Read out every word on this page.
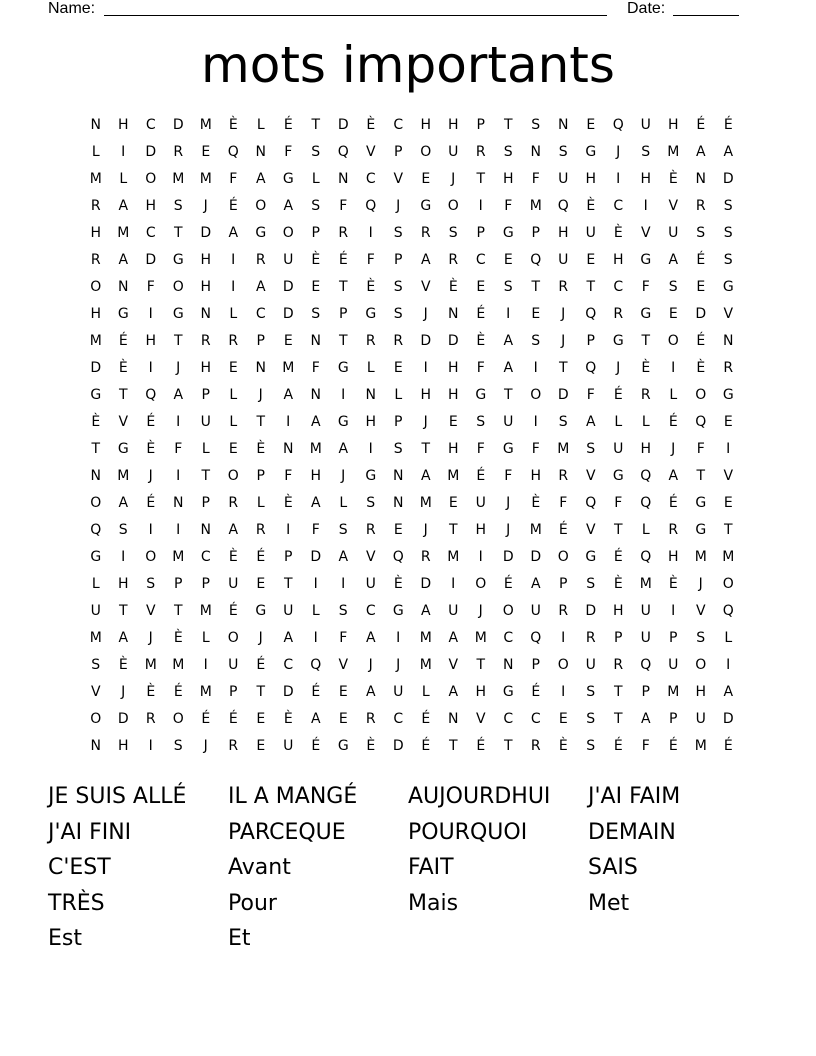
Name:	Date:
mots importants
N	H	C	D	M	È	L	É	T	D	È	C	H	H	P	T	S	N	E	Q	U	H	É	É
L	I	D	R	E	Q	N	F	S	Q	V	P	O	U	R	S	N	S	G	J	S	M	A	A
M	L	O	M	M	F	A	G	L	N	C	V	E	J	T	H	F	U	H	I	H	È	N	D
R	A	H	S	J	É	O	A	S	F	Q	J	G	O	I	F	M	Q	È	C	I	V	R	S
H	M	C	T	D	A	G	O	P	R	I	S	R	S	P	G	P	H	U	È	V	U	S	S
R	A	D	G	H	I	R	U	È	É	F	P	A	R	C	E	Q	U	E	H	G	A	É	S
O	N	F	O	H	I	A	D	E	T	È	S	V	È	E	S	T	R	T	C	F	S	E	G
H	G	I	G	N	L	C	D	S	P	G	S	J	N	É	I	E	J	Q	R	G	E	D	V
M	É	H	T	R	R	P	E	N	T	R	R	D	D	È	A	S	J	P	G	T	O	É	N
D	È	I	J	H	E	N	M	F	G	L	E	I	H	F	A	I	T	Q	J	È	I	È	R
G	T	Q	A	P	L	J	A	N	I	N	L	H	H	G	T	O	D	F	É	R	L	O	G
È	V	É	I	U	L	T	I	A	G	H	P	J	E	S	U	I	S	A	L	L	É	Q	E
T	G	È	F	L	E	È	N	M	A	I	S	T	H	F	G	F	M	S	U	H	J	F	I
N	M	J	I	T	O	P	F	H	J	G	N	A	M	É	F	H	R	V	G	Q	A	T	V
O	A	É	N	P	R	L	È	A	L	S	N	M	E	U	J	È	F	Q	F	Q	É	G	E
Q	S	I	I	N	A	R	I	F	S	R	E	J	T	H	J	M	É	V	T	L	R	G	T
G	I	O	M	C	È	É	P	D	A	V	Q	R	M	I	D	D	O	G	É	Q	H	M	M
L	H	S	P	P	U	E	T	I	I	U	È	D	I	O	É	A	P	S	È	M	È	J	O
U	T	V	T	M	É	G	U	L	S	C	G	A	U	J	O	U	R	D	H	U	I	V	Q
M	A	J	È	L	O	J	A	I	F	A	I	M	A	M	C	Q	I	R	P	U	P	S	L
S	È	M	M	I	U	É	C	Q	V	J	J	M	V	T	N	P	O	U	R	Q	U	O	I
V	J	È	É	M	P	T	D	É	E	A	U	L	A	H	G	É	I	S	T	P	M	H	A
O	D	R	O	É	É	E	È	A	E	R	C	É	N	V	C	C	E	S	T	A	P	U	D
N	H	I	S	J	R	E	U	É	G	È	D	É	T	É	T	R	È	S	É	F	É	M	É
JE SUIS ALLÉ	IL A MANGÉ	AUJOURDHUI	J'AI FAIM
J'AI FINI	PARCEQUE	POURQUOI	DEMAIN
C'EST	Avant	FAIT	SAIS
TRÈS	Pour	Mais	Met
Est	Et
